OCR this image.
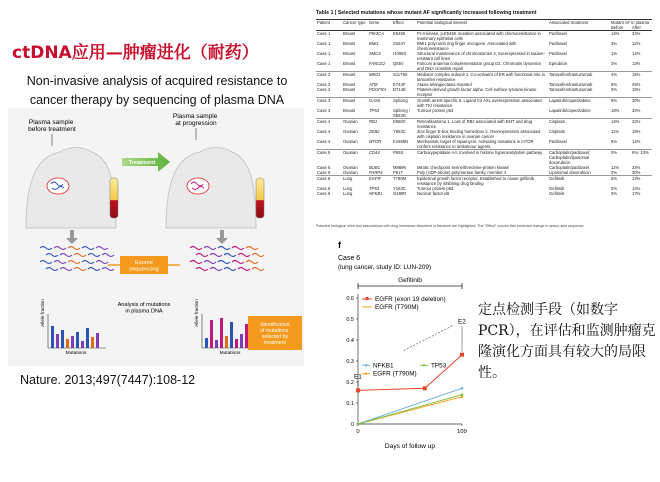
ctDNA应用—肿瘤进化（耐药）
Non-invasive analysis of acquired resistance to cancer therapy by sequencing of plasma DNA
Nature. 2013;497(7447):108-12
定点检测手段（如数字PCR），在评估和监测肿瘤克隆演化方面具有较大的局限性。
Plasma sample before treatment
Plasma sample at progression
Treatment
Exome sequencing
Analysis of mutations in plasma DNA
Allele fraction
Mutations
Allele fraction
Mutations
Identification of mutations selected by treatment
Table 1 | Selected mutations whose mutant AF significantly increased following treatment
Patient	Cancer type	Gene	Effect	Potential biological interest	Associated treatment	Mutant AF in plasma	
						Before	After
Case 1	Breast	PIK3CA	E545K	PI-3-kinase, p.E545K mutation associated with chemoresistance in mammary epithelial cells	Paclitaxel	14%	34%
Case 1	Breast	BMI1	S324Y	BMI1 polycomb ring finger oncogene. Associated with chemoresistance	Paclitaxel	3%	12%
Case 1	Breast	SMC4	I1006S	Structural maintenance of chromosomes 4; overexpressed in taxane-resistant cell lines	Paclitaxel	1%	14%
Case 1	Breast	FANCE2	Q55V	Fanconi anaemia complementation group D2. Chromatin dynamics and DNA crosslink repair	Epirubicin	3%	13%
Case 2	Breast	MED1	S1179X	Mediator complex subunit 1. Co-activator of ER with functional role in tamoxifen resistance	Tamoxifen/trastuzumab	4%	15%
Case 2	Breast	ATM	E744F	Ataxia telangiectasia mutated	Tamoxifen/trastuzumab	6%	45%
Case 2	Breast	PDGFRA	D714E	Platelet-derived growth factor alpha. Cell surface tyrosine kinase receptor	Tamoxifen/trastuzumab	0%	15%
Case 3	Breast	GAS6	Splicing	Growth arrest-specific 6. Ligand for AXL overexpression associated with TKI resistance	Lapatinib/capecitabine	9%	30%
Case 3	Breast	TP53	Splicing / S553G	Tumour protein p53	Lapatinib/capecitabine	18%	34%
Case 4	Ovarian	RB1	E580X	Retinoblastoma 1. Loss of RB1 associated with EMT and drug resistance	Cisplatin	14%	22%
Case 4	Ovarian	ZEB2	Y663C	Zinc finger E-box binding homeobox 2. Overexpression associated with cisplatin resistance in ovarian cancer	Cisplatin	11%	15%
Case 4	Ovarian	MTOR	K1655N	Mechanistic target of rapamycin. Activating mutations in mTOR confers resistance to antitumour agents	Paclitaxel	8%	14%
Case 5	Ovarian	CD44	P55S	Carboxypeptidase A4. Involved in histone hyperacetylation pathway	Carboplatin/paclitaxel; Carboplatin/liposomal doxorubicin	0%	6%; 13%
Case 5	Ovarian	BUB1	M869K	Mitotic checkpoint serine/threonine-protein kinase	Carboplatin/paclitaxel	11%	34%
Case 5	Ovarian	PARP4	P91T	Poly (ADP-ribose) polymerase family, member 4	Liposomal doxorubicin	2%	30%
Case 6	Lung	EGFR	T790M	Epidermal growth factor receptor. Established to cause gefitinib resistance by inhibiting drug binding	Gefitinib	0%	13%
Case 6	Lung	TP53	Y163C	Tumour protein p53	Gefitinib	0%	14%
Case 6	Lung	NFKB1	G489R	Nuclear factor κB	Gefitinib	0%	17%
Potential biological roles and associations with drug resistance described in literature are highlighted. The "Effect" column lists predicted change in amino-acid sequence.
f
Case 6
(lung cancer, study ID: LUN-209)
Gefitinib
0
0.1
0.2
0.3
0.4
0.5
0.6
0	109
Days of follow up
E1
E2
EGFR (exon 19 deletion)
EGFR (T790M)
NFKB1
EGFR (T790M)
TP53
